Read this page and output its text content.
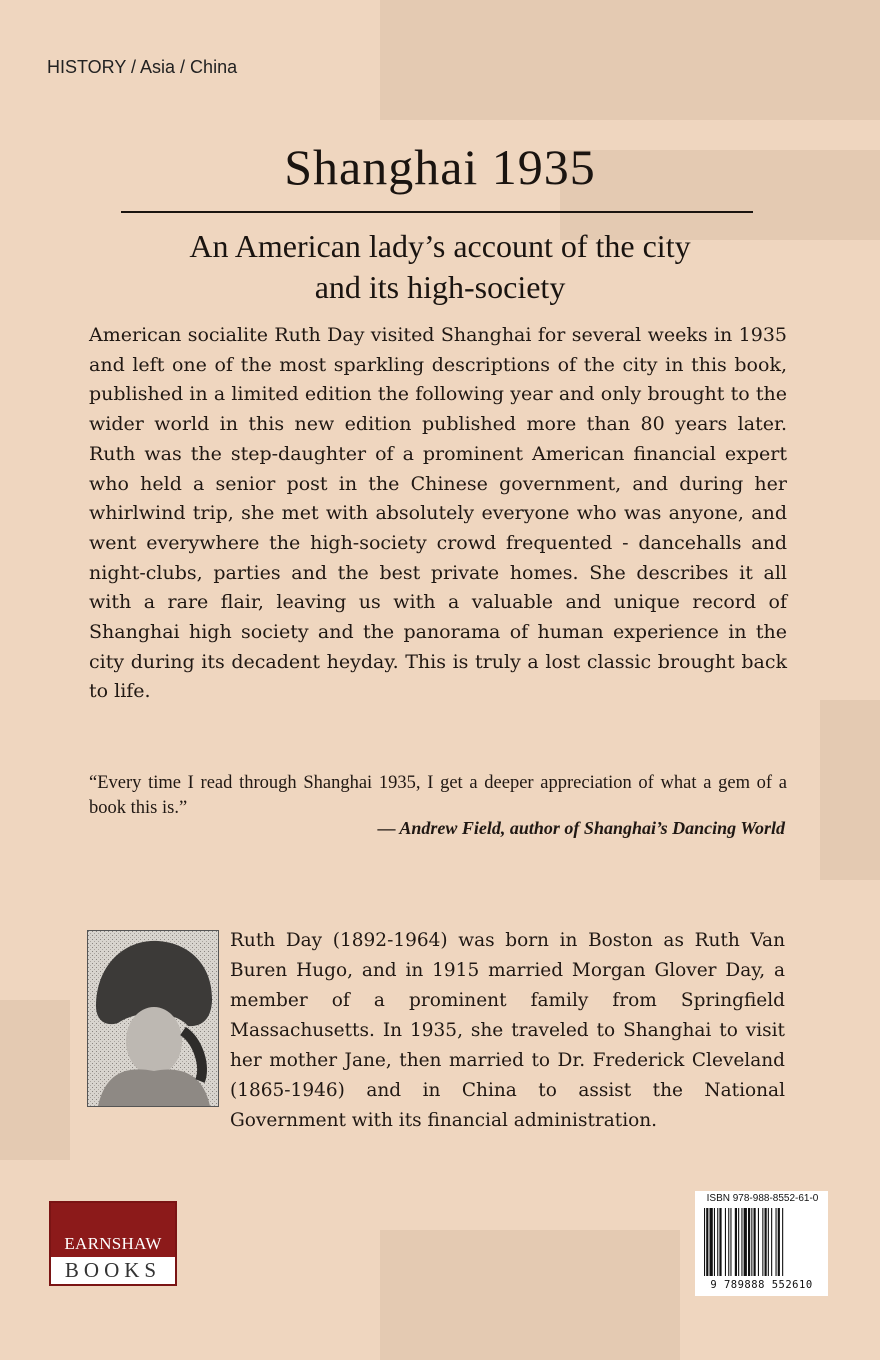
HISTORY / Asia / China
Shanghai 1935
An American lady’s account of the city
and its high-society
American socialite Ruth Day visited Shanghai for several weeks in 1935 and left one of the most sparkling descriptions of the city in this book, published in a limited edition the following year and only brought to the wider world in this new edition published more than 80 years later. Ruth was the step-daughter of a prominent American financial expert who held a senior post in the Chinese government, and during her whirlwind trip, she met with absolutely everyone who was anyone, and went everywhere the high-society crowd frequented - dancehalls and night-clubs, parties and the best private homes. She describes it all with a rare flair, leaving us with a valuable and unique record of Shanghai high society and the panorama of human experience in the city during its decadent heyday. This is truly a lost classic brought back to life.
“Every time I read through Shanghai 1935, I get a deeper appreciation of what a gem of a book this is.”
— Andrew Field, author of Shanghai’s Dancing World
Ruth Day (1892-1964) was born in Boston as Ruth Van Buren Hugo, and in 1915 married Morgan Glover Day, a member of a prominent family from Springfield Massachusetts. In 1935, she traveled to Shanghai to visit her mother Jane, then married to Dr. Frederick Cleveland (1865-1946) and in China to assist the National Government with its financial administration.
EARNSHAW
BOOKS
ISBN 978-988-8552-61-0
9 789888 552610
